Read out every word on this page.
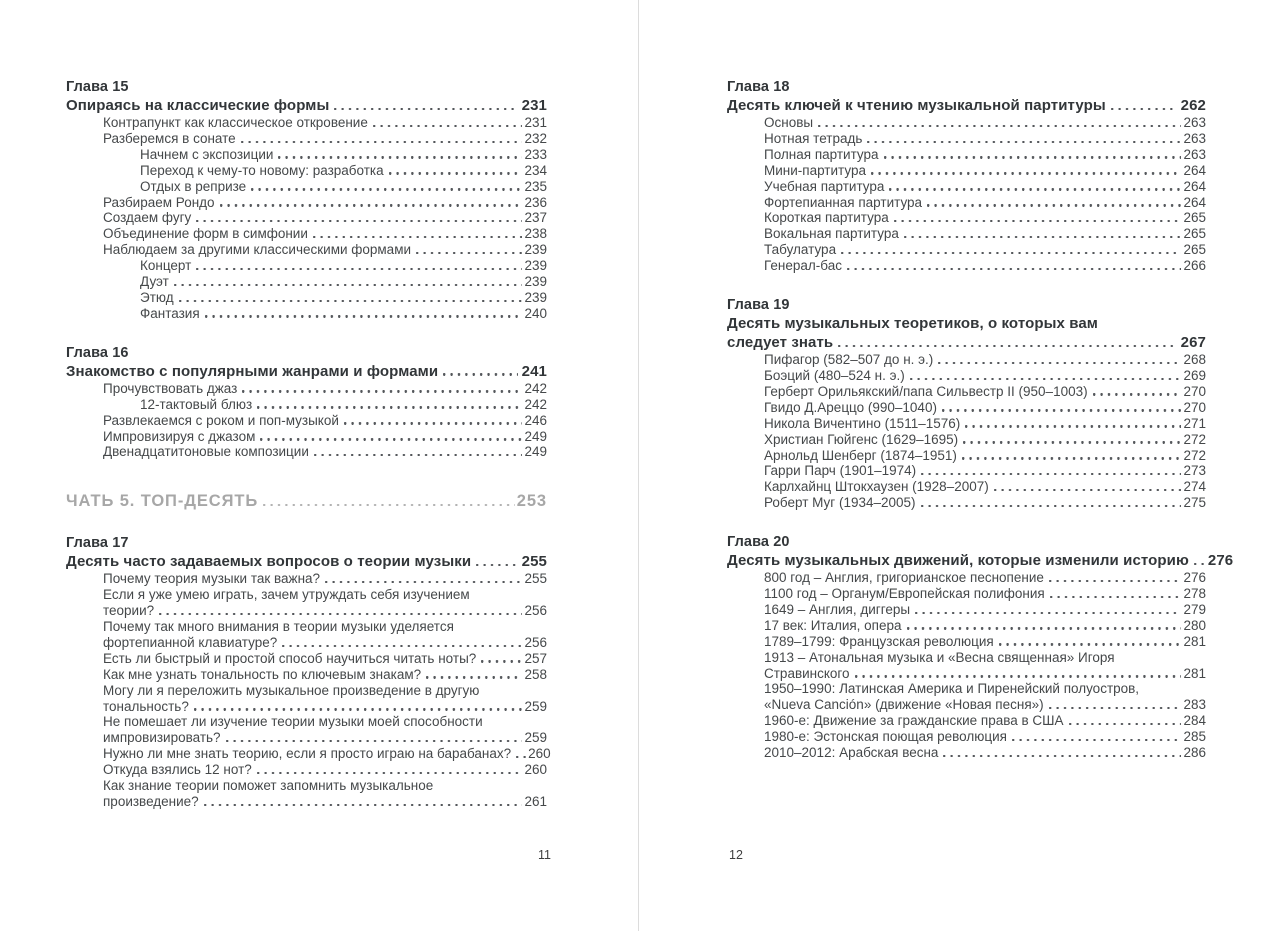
Глава 15
Опираясь на классические формы	231
Контрапункт как классическое откровение	231
Разберемся в сонате	232
Начнем с экспозиции	233
Переход к чему-то новому: разработка	234
Отдых в репризе	235
Разбираем Рондо	236
Создаем фугу	237
Объединение форм в симфонии	238
Наблюдаем за другими классическими формами	239
Концерт	239
Дуэт	239
Этюд	239
Фантазия	240
Глава 16
Знакомство с популярными жанрами и формами	241
Прочувствовать джаз	242
12-тактовый блюз	242
Развлекаемся с роком и поп-музыкой	246
Импровизируя с джазом	249
Двенадцатитоновые композиции	249
ЧАТЬ 5. ТОП-ДЕСЯТЬ	253
Глава 17
Десять часто задаваемых вопросов о теории музыки	255
Почему теория музыки так важна?	255
Если я уже умею играть, зачем утруждать себя изучением
теории?	256
Почему так много внимания в теории музыки уделяется
фортепианной клавиатуре?	256
Есть ли быстрый и простой способ научиться читать ноты?	257
Как мне узнать тональность по ключевым знакам?	258
Могу ли я переложить музыкальное произведение в другую
тональность?	259
Не помешает ли изучение теории музыки моей способности
импровизировать?	259
Нужно ли мне знать теорию, если я просто играю на барабанах? 260
Откуда взялись 12 нот?	260
Как знание теории поможет запомнить музыкальное
произведение?	261
Глава 18
Десять ключей к чтению музыкальной партитуры	262
Основы	263
Нотная тетрадь	263
Полная партитура	263
Мини-партитура	264
Учебная партитура	264
Фортепианная партитура	264
Короткая партитура	265
Вокальная партитура	265
Табулатура	265
Генерал-бас	266
Глава 19
Десять музыкальных теоретиков, о которых вам
следует знать	267
Пифагор (582–507 до н. э.)	268
Боэций (480–524 н. э.)	269
Герберт Орильякский/папа Сильвестр II (950–1003)	270
Гвидо Д.Ареццо (990–1040)	270
Никола Вичентино (1511–1576)	271
Христиан Гюйгенс (1629–1695)	272
Арнольд Шенберг (1874–1951)	272
Гарри Парч (1901–1974)	273
Карлхайнц Штокхаузен (1928–2007)	274
Роберт Муг (1934–2005)	275
Глава 20
Десять музыкальных движений, которые изменили историю 276
800 год – Англия, григорианское песнопение	276
1100 год – Органум/Европейская полифония	278
1649 – Англия, диггеры	279
17 век: Италия, опера	280
1789–1799: Французская революция	281
1913 – Атональная музыка и «Весна священная» Игоря
Стравинского	281
1950–1990: Латинская Америка и Пиренейский полуостров,
«Nueva Canción» (движение «Новая песня»)	283
1960-е: Движение за гражданские права в США	284
1980-е: Эстонская поющая революция	285
2010–2012: Арабская весна	286
11	12
